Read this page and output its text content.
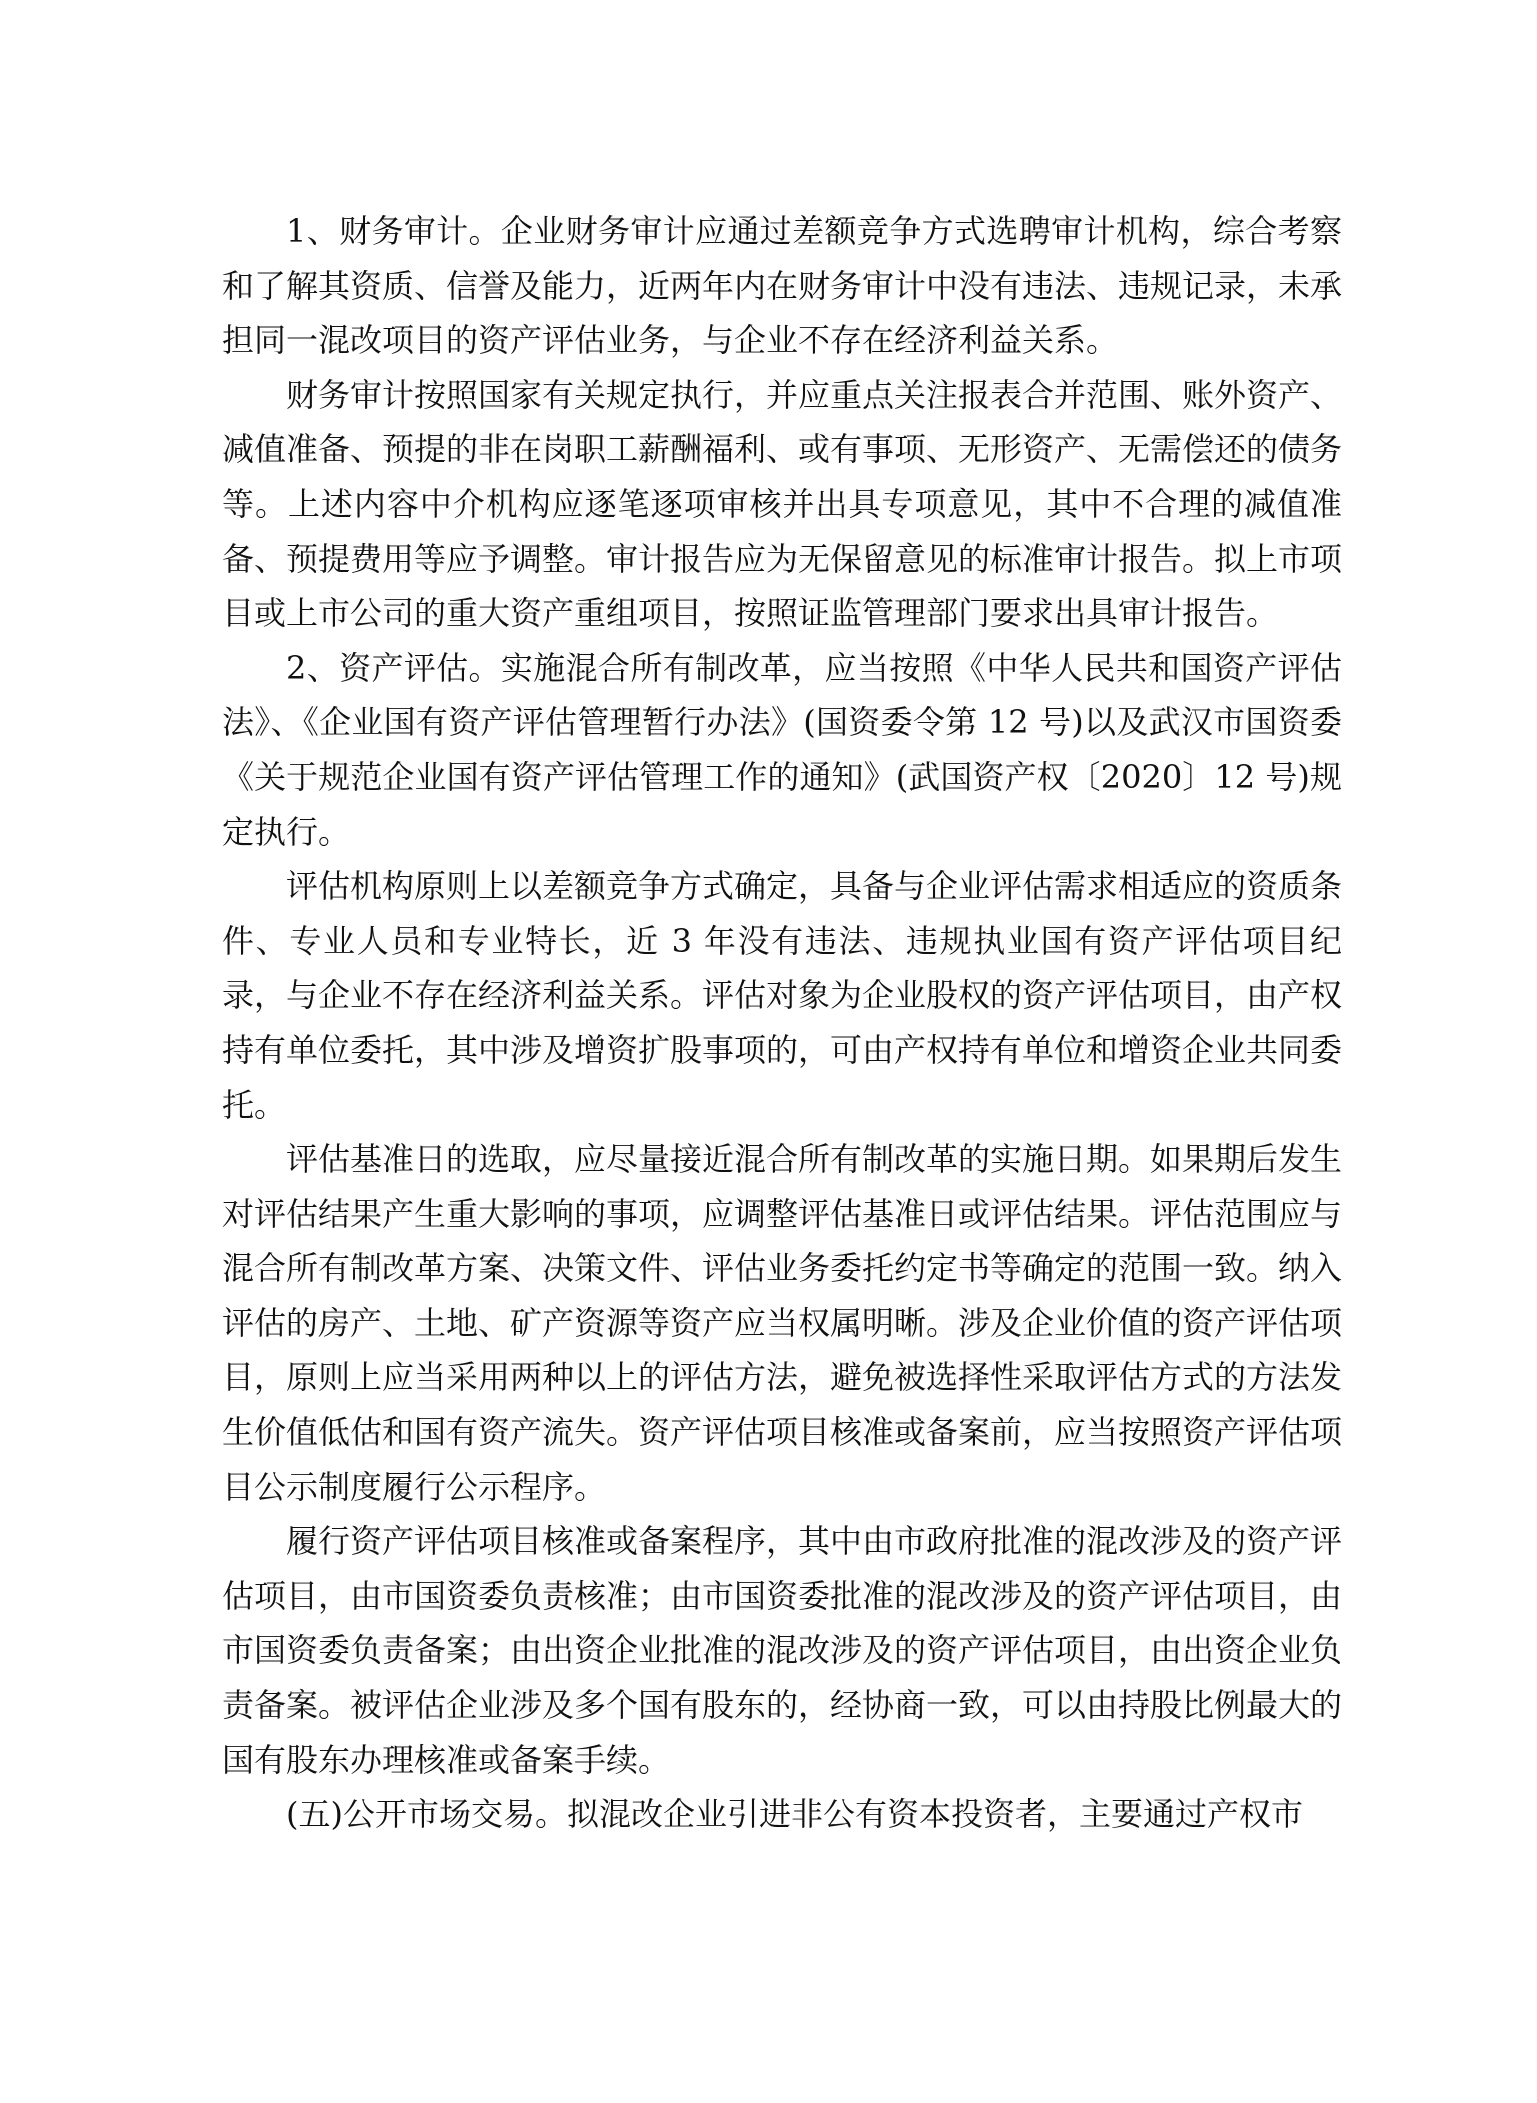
1、财务审计。企业财务审计应通过差额竞争方式选聘审计机构，综合考察和了解其资质、信誉及能力，近两年内在财务审计中没有违法、违规记录，未承担同一混改项目的资产评估业务，与企业不存在经济利益关系。

财务审计按照国家有关规定执行，并应重点关注报表合并范围、账外资产、减值准备、预提的非在岗职工薪酬福利、或有事项、无形资产、无需偿还的债务等。上述内容中介机构应逐笔逐项审核并出具专项意见，其中不合理的减值准备、预提费用等应予调整。审计报告应为无保留意见的标准审计报告。拟上市项目或上市公司的重大资产重组项目，按照证监管理部门要求出具审计报告。

2、资产评估。实施混合所有制改革，应当按照《中华人民共和国资产评估法》、《企业国有资产评估管理暂行办法》(国资委令第 12 号)以及武汉市国资委《关于规范企业国有资产评估管理工作的通知》(武国资产权〔2020〕12 号)规定执行。

评估机构原则上以差额竞争方式确定，具备与企业评估需求相适应的资质条件、专业人员和专业特长，近 3 年没有违法、违规执业国有资产评估项目纪录，与企业不存在经济利益关系。评估对象为企业股权的资产评估项目，由产权持有单位委托，其中涉及增资扩股事项的，可由产权持有单位和增资企业共同委托。

评估基准日的选取，应尽量接近混合所有制改革的实施日期。如果期后发生对评估结果产生重大影响的事项，应调整评估基准日或评估结果。评估范围应与混合所有制改革方案、决策文件、评估业务委托约定书等确定的范围一致。纳入评估的房产、土地、矿产资源等资产应当权属明晰。涉及企业价值的资产评估项目，原则上应当采用两种以上的评估方法，避免被选择性采取评估方式的方法发生价值低估和国有资产流失。资产评估项目核准或备案前，应当按照资产评估项目公示制度履行公示程序。

履行资产评估项目核准或备案程序，其中由市政府批准的混改涉及的资产评估项目，由市国资委负责核准；由市国资委批准的混改涉及的资产评估项目，由市国资委负责备案；由出资企业批准的混改涉及的资产评估项目，由出资企业负责备案。被评估企业涉及多个国有股东的，经协商一致，可以由持股比例最大的国有股东办理核准或备案手续。

(五)公开市场交易。拟混改企业引进非公有资本投资者，主要通过产权市
